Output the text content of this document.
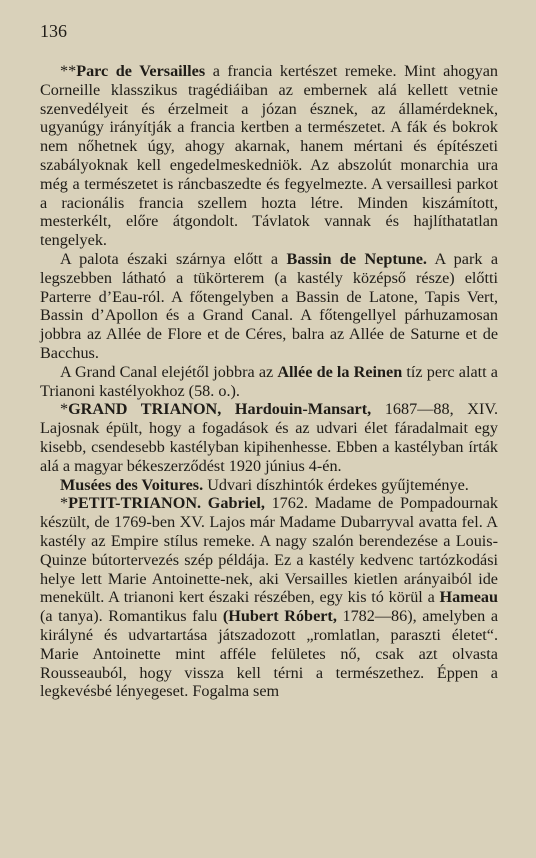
136

**Parc de Versailles a francia kertészet remeke. Mint ahogyan Corneille klasszikus tragédiáiban az embernek alá kellett vetnie szenvedélyeit és érzelmeit a józan észnek, az államérdeknek, ugyanúgy irányítják a francia kertben a természetet. A fák és bokrok nem nőhetnek úgy, ahogy akarnak, hanem mértani és építészeti szabályoknak kell engedelmeskedniök. Az abszolút monarchia ura még a természetet is ráncbaszedte és fegyelmezte. A versaillesi parkot a racionális francia szellem hozta létre. Minden kiszámított, mesterkélt, előre átgondolt. Távlatok vannak és hajlíthatatlan tengelyek.

A palota északi szárnya előtt a Bassin de Neptune. A park a legszebben látható a tükörterem (a kastély középső része) előtti Parterre d’Eau-ról. A főtengelyben a Bassin de Latone, Tapis Vert, Bassin d’Apollon és a Grand Canal. A főtengellyel párhuzamosan jobbra az Allée de Flore et de Céres, balra az Allée de Saturne et de Bacchus.

A Grand Canal elejétől jobbra az Allée de la Reinen tíz perc alatt a Trianoni kastélyokhoz (58. o.).

*GRAND TRIANON, Hardouin-Mansart, 1687—88, XIV. Lajosnak épült, hogy a fogadások és az udvari élet fáradalmait egy kisebb, csendesebb kastélyban kipihenhesse. Ebben a kastélyban írták alá a magyar békeszerződést 1920 június 4-én.

Musées des Voitures. Udvari díszhintók érdekes gyűjteménye.

*PETIT-TRIANON. Gabriel, 1762. Madame de Pompadournak készült, de 1769-ben XV. Lajos már Madame Dubarryval avatta fel. A kastély az Empire stílus remeke. A nagy szalón berendezése a Louis-Quinze bútortervezés szép példája. Ez a kastély kedvenc tartózkodási helye lett Marie Antoinette-nek, aki Versailles kietlen arányaiból ide menekült. A trianoni kert északi részében, egy kis tó körül a Hameau (a tanya). Romantikus falu (Hubert Róbert, 1782—86), amelyben a királyné és udvartartása játszadozott „romlatlan, paraszti életet“. Marie Antoinette mint afféle felületes nő, csak azt olvasta Rousseauból, hogy vissza kell térni a természethez. Éppen a legkevésbé lényegeset. Fogalma sem
